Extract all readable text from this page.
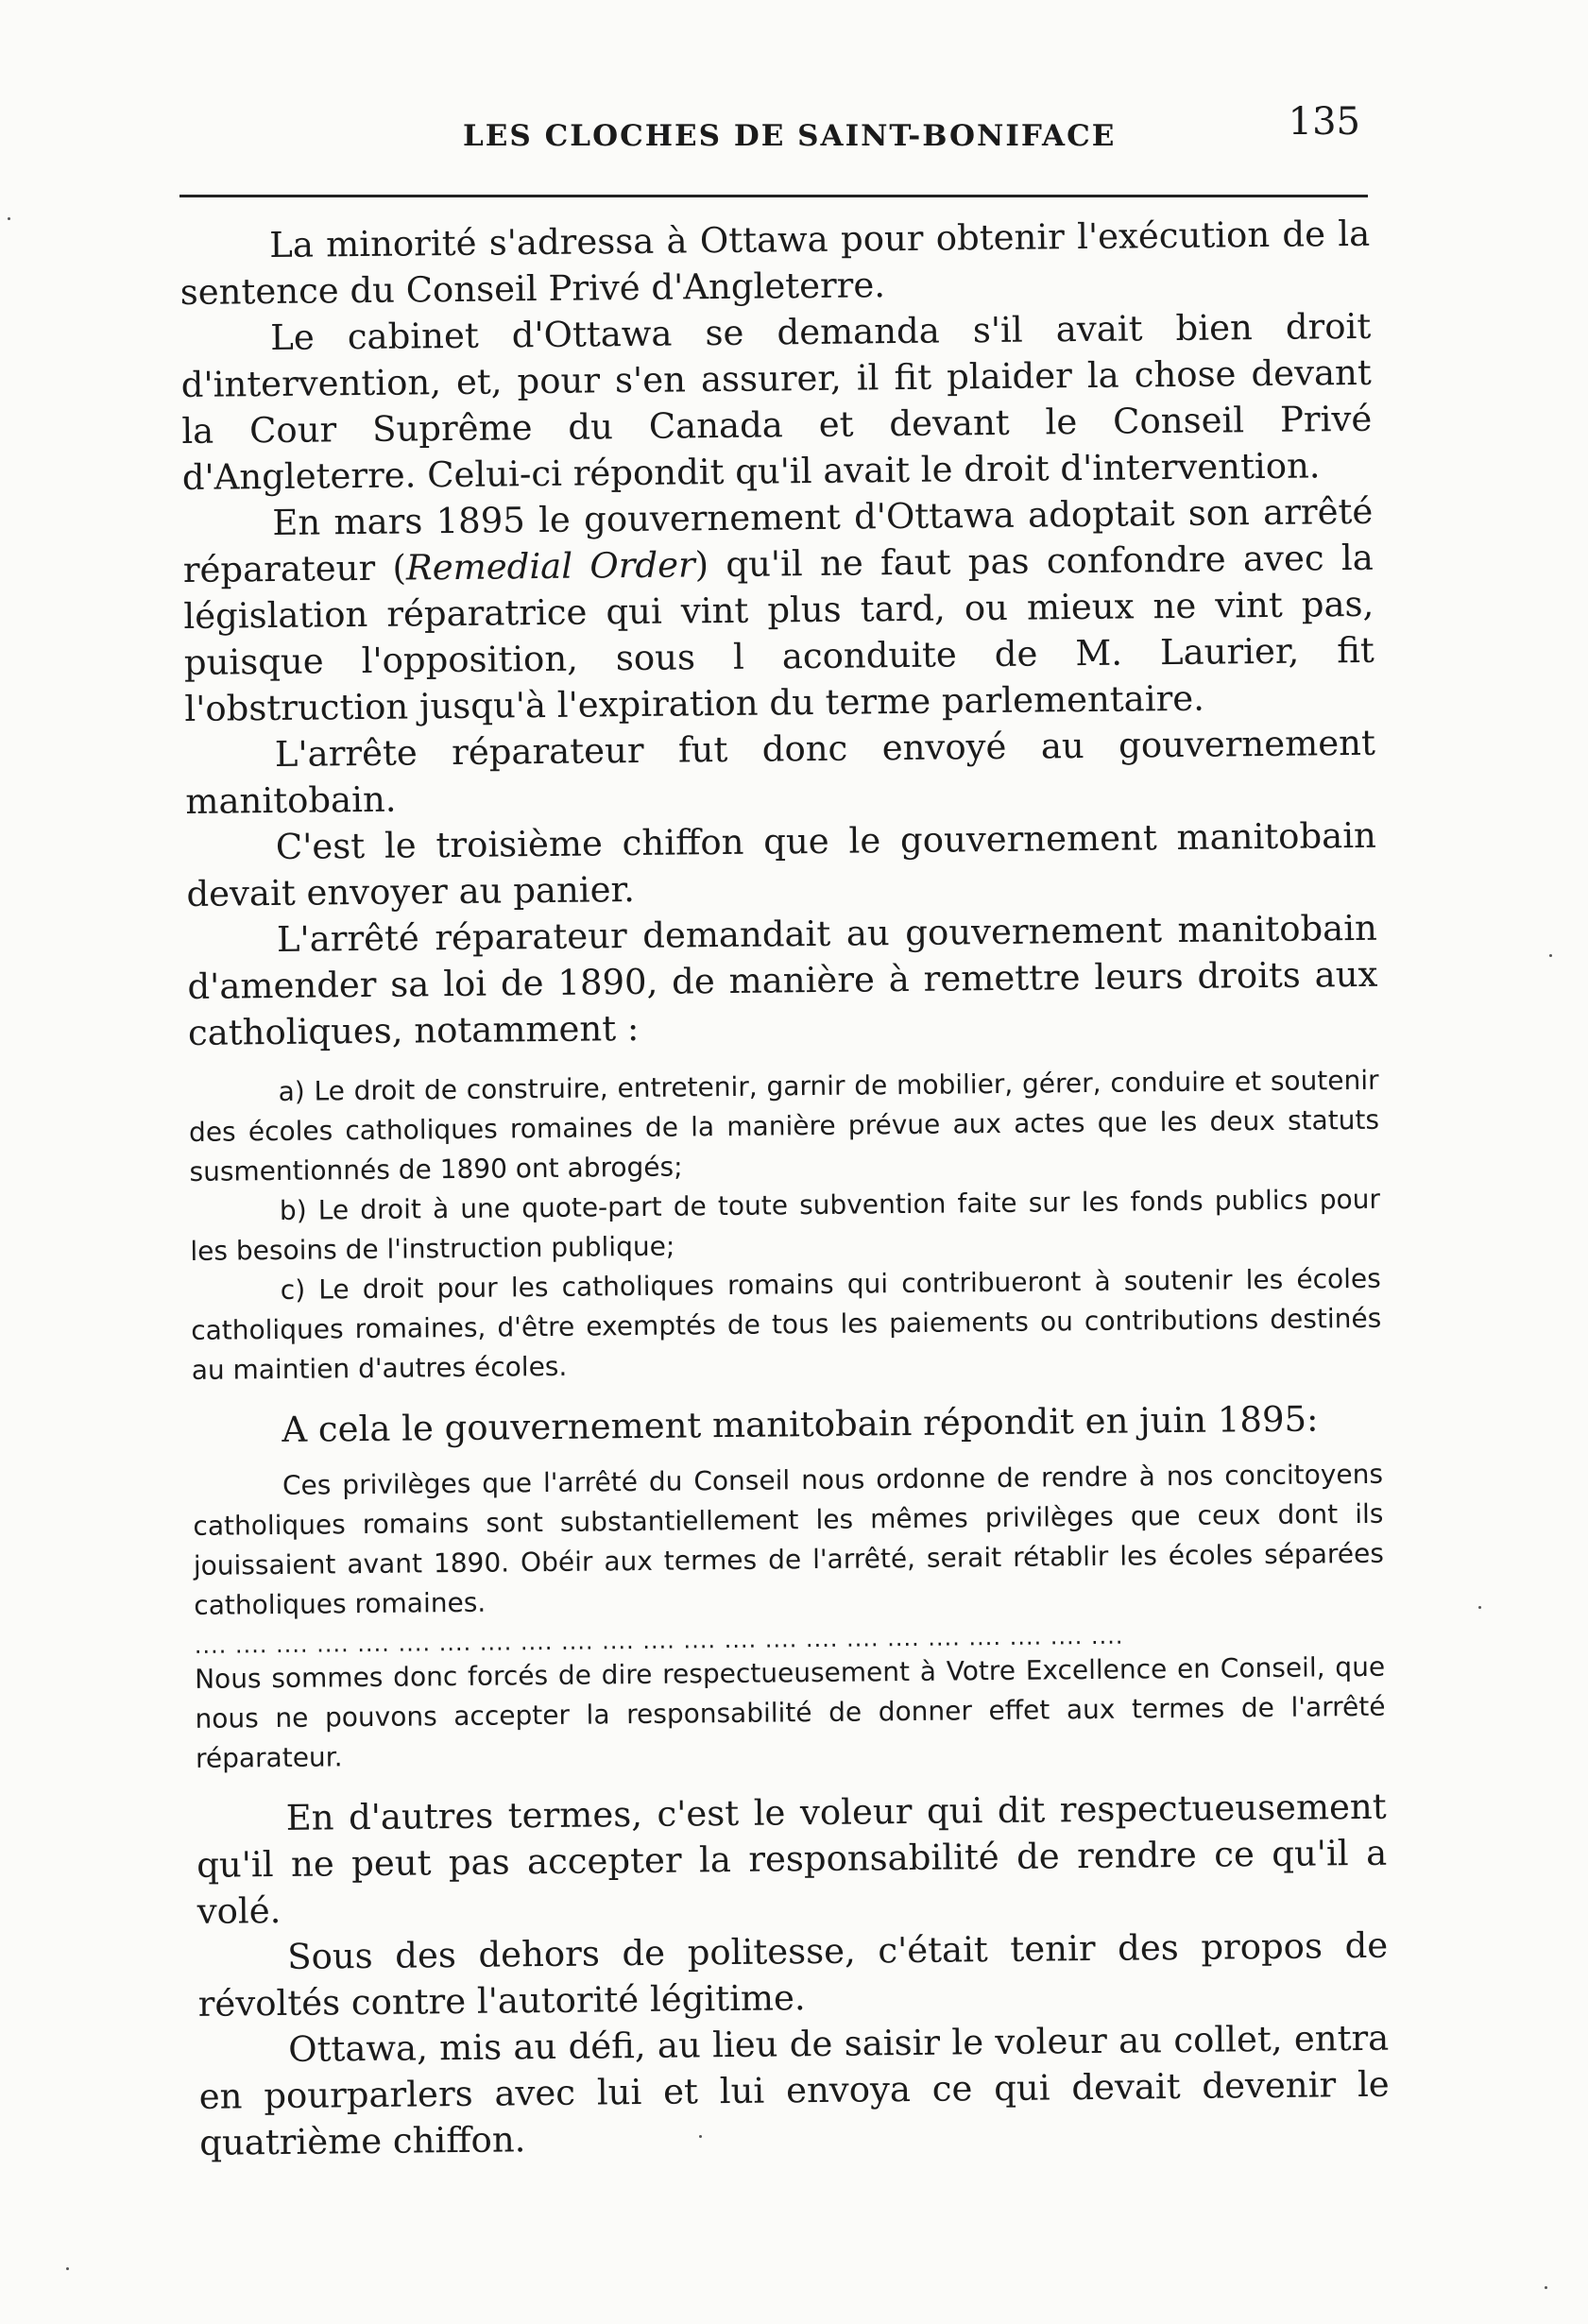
LES CLOCHES DE SAINT-BONIFACE	135

La minorité s'adressa à Ottawa pour obtenir l'exécution de la sentence du Conseil Privé d'Angleterre.

Le cabinet d'Ottawa se demanda s'il avait bien droit d'intervention, et, pour s'en assurer, il fit plaider la chose devant la Cour Suprême du Canada et devant le Conseil Privé d'Angleterre. Celui-ci répondit qu'il avait le droit d'intervention.

En mars 1895 le gouvernement d'Ottawa adoptait son arrêté réparateur (Remedial Order) qu'il ne faut pas confondre avec la législation réparatrice qui vint plus tard, ou mieux ne vint pas, puisque l'opposition, sous l aconduite de M. Laurier, fit l'obstruction jusqu'à l'expiration du terme parlementaire.

L'arrête réparateur fut donc envoyé au gouvernement manitobain.

C'est le troisième chiffon que le gouvernement manitobain devait envoyer au panier.

L'arrêté réparateur demandait au gouvernement manitobain d'amender sa loi de 1890, de manière à remettre leurs droits aux catholiques, notamment :

a) Le droit de construire, entretenir, garnir de mobilier, gérer, conduire et soutenir des écoles catholiques romaines de la manière prévue aux actes que les deux statuts susmentionnés de 1890 ont abrogés;

b) Le droit à une quote-part de toute subvention faite sur les fonds publics pour les besoins de l'instruction publique;

c) Le droit pour les catholiques romains qui contribueront à soutenir les écoles catholiques romaines, d'être exemptés de tous les paiements ou contributions destinés au maintien d'autres écoles.

A cela le gouvernement manitobain répondit en juin 1895:

Ces privilèges que l'arrêté du Conseil nous ordonne de rendre à nos concitoyens catholiques romains sont substantiellement les mêmes privilèges que ceux dont ils jouissaient avant 1890. Obéir aux termes de l'arrêté, serait rétablir les écoles séparées catholiques romaines.

.... .... .... .... .... .... .... .... .... .... .... .... .... .... .... .... .... .... .... .... .... .... ....

Nous sommes donc forcés de dire respectueusement à Votre Excellence en Conseil, que nous ne pouvons accepter la responsabilité de donner effet aux termes de l'arrêté réparateur.

En d'autres termes, c'est le voleur qui dit respectueusement qu'il ne peut pas accepter la responsabilité de rendre ce qu'il a volé.

Sous des dehors de politesse, c'était tenir des propos de révoltés contre l'autorité légitime.

Ottawa, mis au défi, au lieu de saisir le voleur au collet, entra en pourparlers avec lui et lui envoya ce qui devait devenir le quatrième chiffon.
